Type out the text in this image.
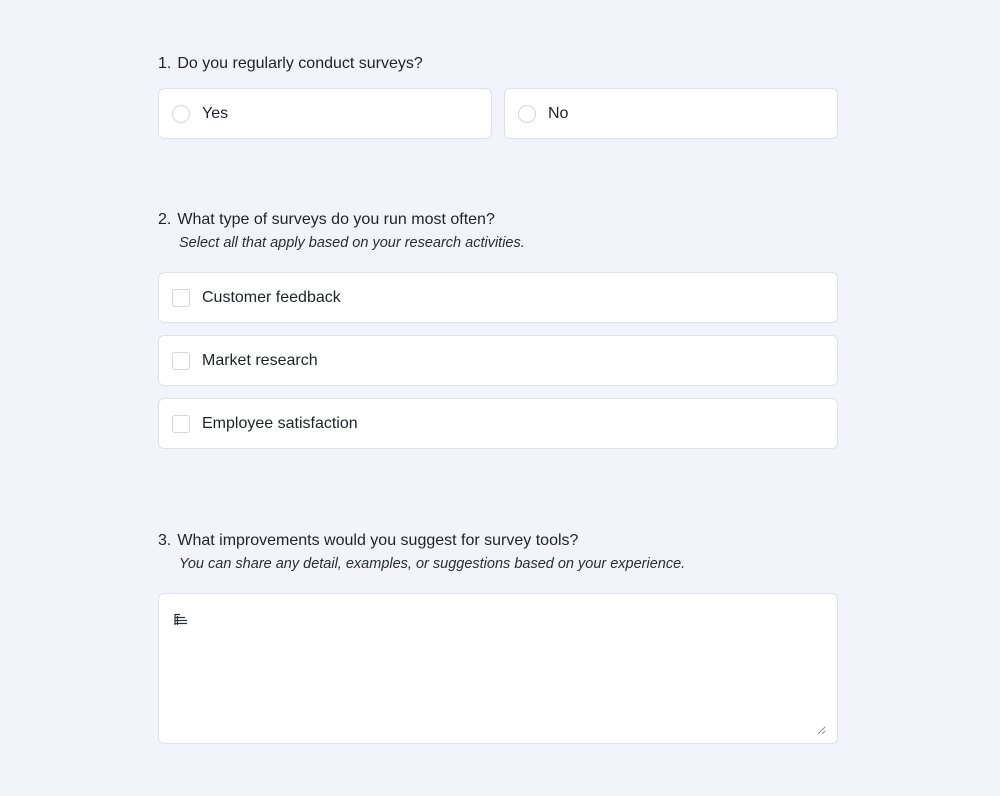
1. Do you regularly conduct surveys?
Yes	No
2. What type of surveys do you run most often?

Select all that apply based on your research activities.

Customer feedback
Market research
Employee satisfaction
3. What improvements would you suggest for survey tools?

You can share any detail, examples, or suggestions based on your experience.
